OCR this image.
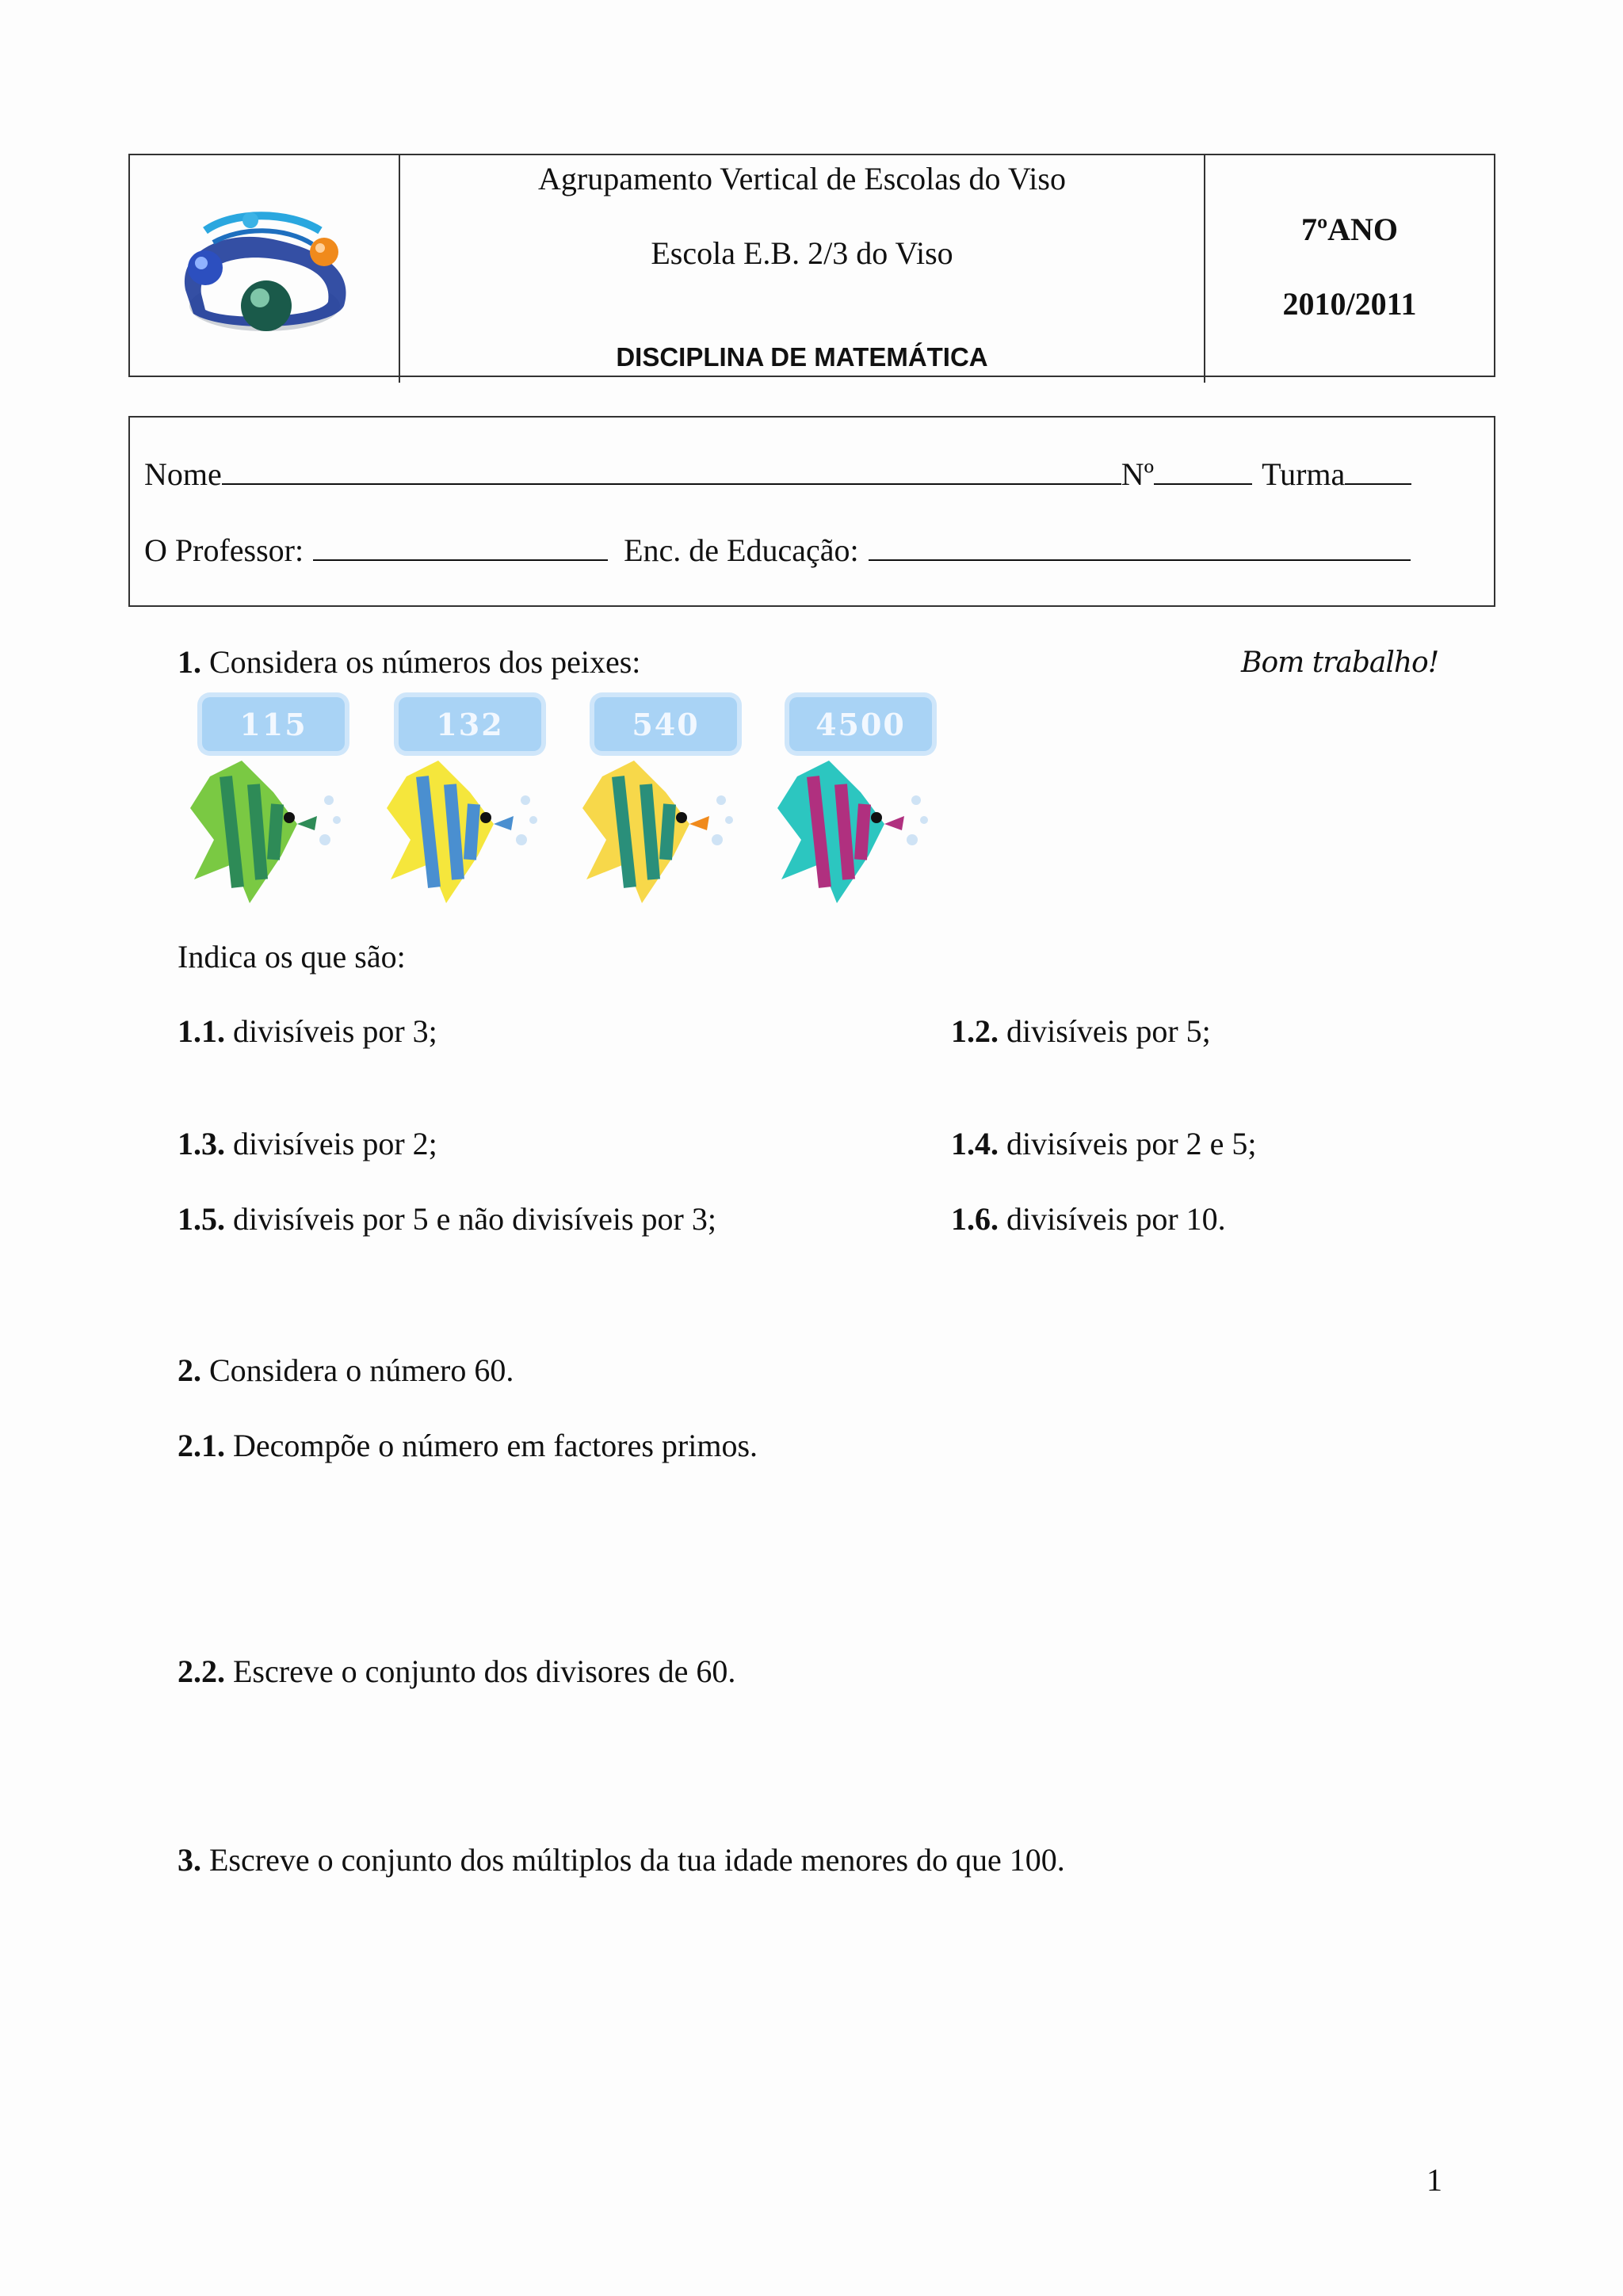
Agrupamento Vertical de Escolas do Viso
Escola E.B. 2/3 do Viso
DISCIPLINA DE MATEMÁTICA
7ºANO
2010/2011
Nome	Nº	Turma
O Professor:	Enc. de Educação:
1. Considera os números dos peixes:	Bom trabalho!
115	132	540	4500
Indica os que são:
1.1. divisíveis por 3;	1.2. divisíveis por 5;
1.3. divisíveis por 2;	1.4. divisíveis por 2 e 5;
1.5. divisíveis por 5 e não divisíveis por 3;	1.6. divisíveis por 10.
2. Considera o número 60.
2.1. Decompõe o número em factores primos.
2.2. Escreve o conjunto dos divisores de 60.
3. Escreve o conjunto dos múltiplos da tua idade menores do que 100.
1
